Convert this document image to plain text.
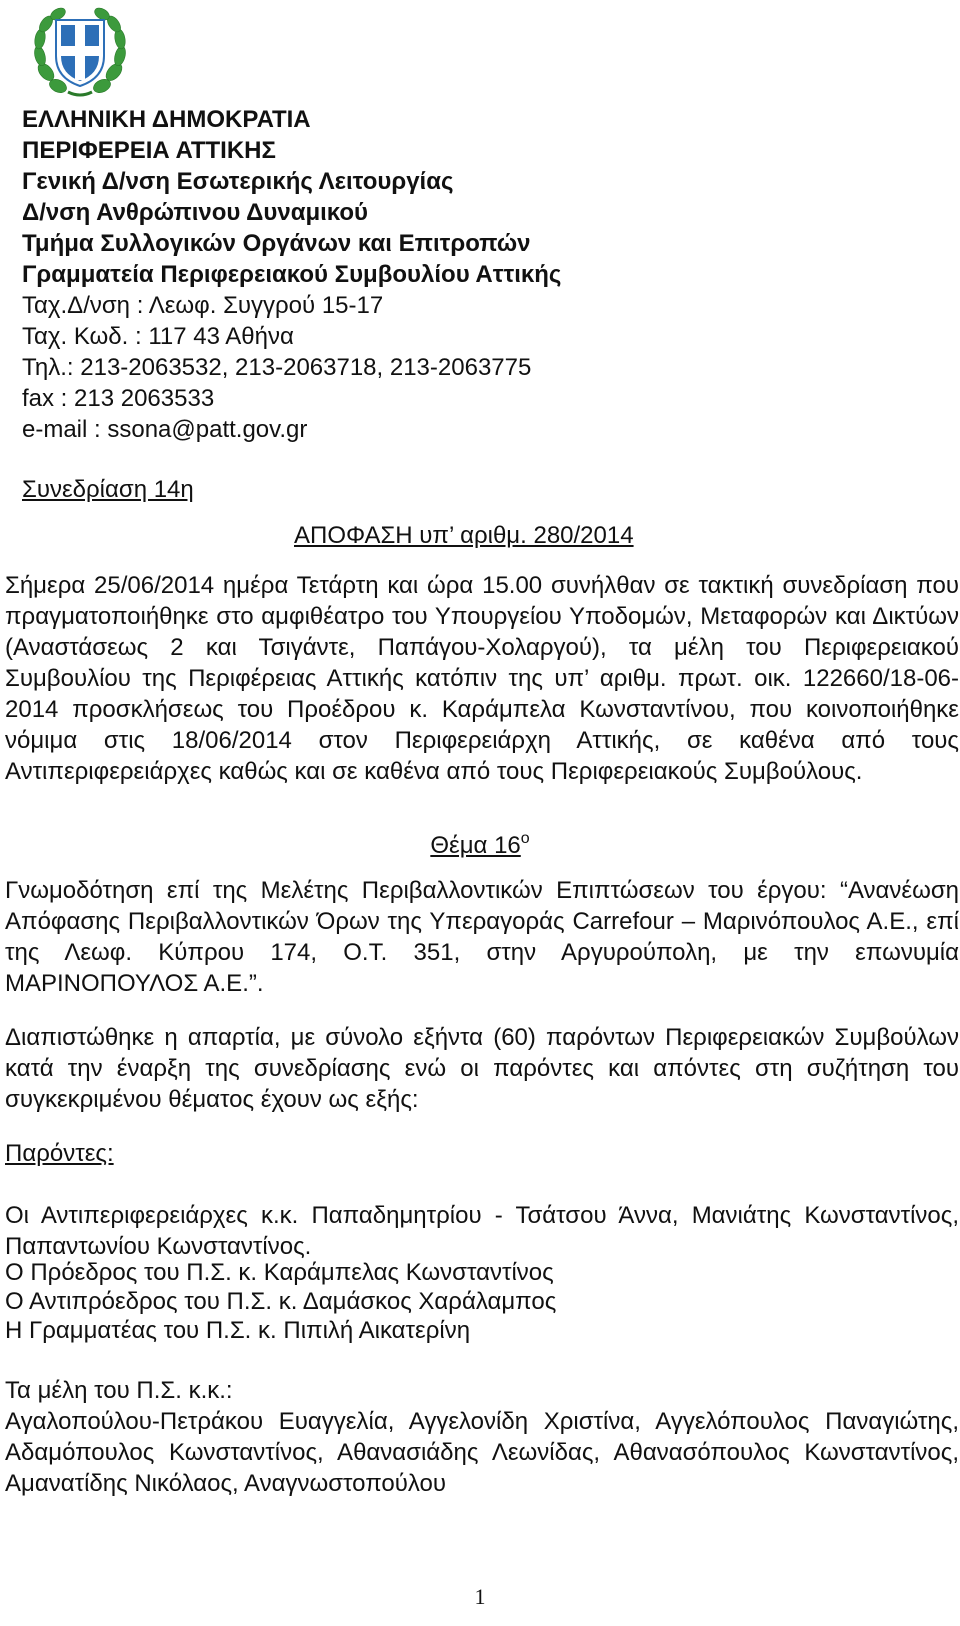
ΕΛΛΗΝΙΚΗ ΔΗΜΟΚΡΑΤΙΑ
ΠΕΡΙΦΕΡΕΙΑ ΑΤΤΙΚΗΣ
Γενική Δ/νση Εσωτερικής Λειτουργίας
Δ/νση Ανθρώπινου Δυναμικού
Τμήμα Συλλογικών Οργάνων και Επιτροπών
Γραμματεία Περιφερειακού Συμβουλίου Αττικής
Ταχ.Δ/νση : Λεωφ. Συγγρού 15-17
Ταχ. Κωδ. : 117 43 Αθήνα
Τηλ.: 213-2063532, 213-2063718, 213-2063775
fax : 213 2063533
e-mail : ssona@patt.gov.gr
Συνεδρίαση 14η
ΑΠΟΦΑΣΗ υπ’ αριθμ. 280/2014

Σήμερα 25/06/2014 ημέρα Τετάρτη και ώρα 15.00 συνήλθαν σε τακτική συνεδρίαση που πραγματοποιήθηκε στο αμφιθέατρο του Υπουργείου Υποδομών, Μεταφορών και Δικτύων (Αναστάσεως 2 και Τσιγάντε, Παπάγου-Χολαργού), τα μέλη του Περιφερειακού Συμβουλίου της Περιφέρειας Αττικής κατόπιν της υπ’ αριθμ. πρωτ. οικ. 122660/18-06-2014 προσκλήσεως του Προέδρου κ. Καράμπελα Κωνσταντίνου, που κοινοποιήθηκε νόμιμα στις 18/06/2014 στον Περιφερειάρχη Αττικής, σε καθένα από τους Αντιπεριφερειάρχες καθώς και σε καθένα από τους Περιφερειακούς Συμβούλους.

Θέμα $16^o$

Γνωμοδότηση επί της Μελέτης Περιβαλλοντικών Επιπτώσεων του έργου: “Ανανέωση Απόφασης Περιβαλλοντικών Όρων της Υπεραγοράς Carrefour – Μαρινόπουλος Α.Ε., επί της Λεωφ. Κύπρου 174, Ο.Τ. 351, στην Αργυρούπολη, με την επωνυμία ΜΑΡΙΝΟΠΟΥΛΟΣ Α.Ε.”.

Διαπιστώθηκε η απαρτία, με σύνολο εξήντα (60) παρόντων Περιφερειακών Συμβούλων κατά την έναρξη της συνεδρίασης ενώ οι παρόντες και απόντες στη συζήτηση του συγκεκριμένου θέματος έχουν ως εξής:

Παρόντες:

Οι Αντιπεριφερειάρχες κ.κ. Παπαδημητρίου - Τσάτσου Άννα, Μανιάτης Κωνσταντίνος, Παπαντωνίου Κωνσταντίνος.

Ο Πρόεδρος του Π.Σ. κ. Καράμπελας Κωνσταντίνος
Ο Αντιπρόεδρος του Π.Σ. κ. Δαμάσκος Χαράλαμπος
Η Γραμματέας του Π.Σ. κ. Πιπιλή Αικατερίνη
Τα μέλη του Π.Σ. κ.κ.:

Αγαλοπούλου-Πετράκου Ευαγγελία, Αγγελονίδη Χριστίνα, Αγγελόπουλος Παναγιώτης, Αδαμόπουλος Κωνσταντίνος, Αθανασιάδης Λεωνίδας, Αθανασόπουλος Κωνσταντίνος, Αμανατίδης Νικόλαος, Αναγνωστοπούλου

1
